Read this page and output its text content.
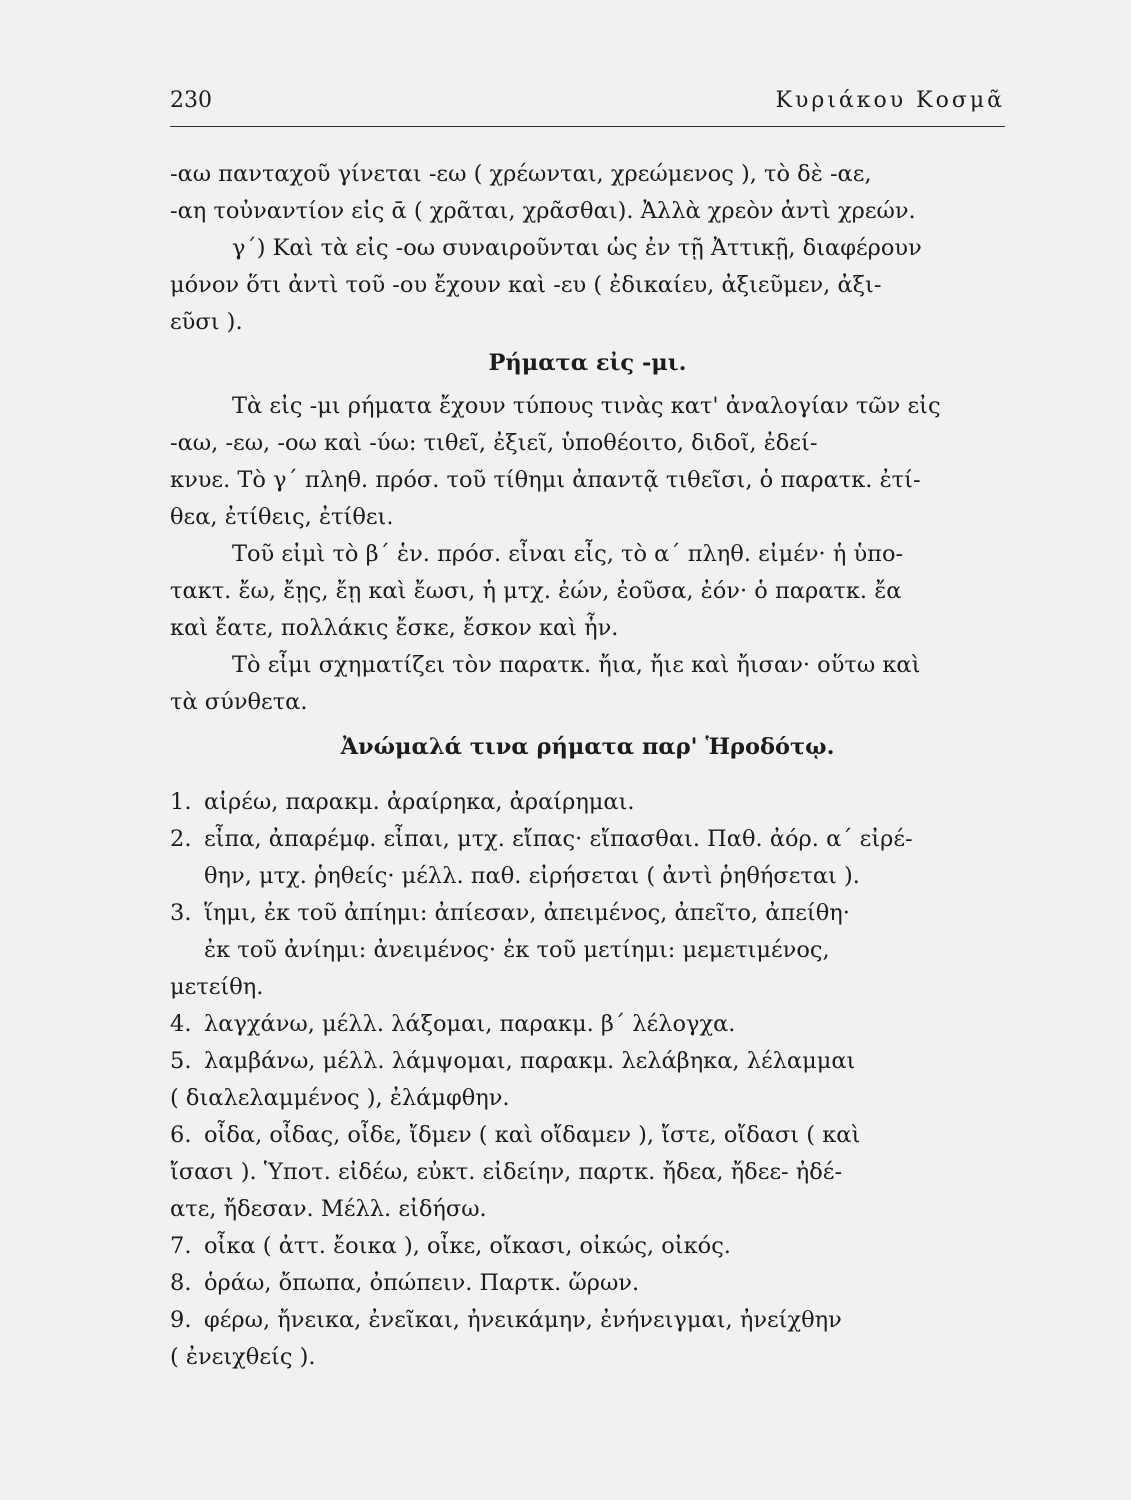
230	Κυριάκου Κοσμᾶ

-αω πανταχοῦ γίνεται -εω ( χρέωνται, χρεώμενος ), τὸ δὲ -αε,
-αη τοὐναντίον εἰς ᾱ ( χρᾶται, χρᾶσθαι). Ἀλλὰ χρεὸν ἀντὶ χρεών.

γ΄) Καὶ τὰ εἰς -οω συναιροῦνται ὡς ἐν τῇ Ἀττικῇ, διαφέρουν
μόνον ὅτι ἀντὶ τοῦ -ου ἔχουν καὶ -ευ ( ἐδικαίευ, ἀξιεῦμεν, ἀξι-
εῦσι ).

Ρήματα εἰς -μι.

Τὰ εἰς -μι ρήματα ἔχουν τύπους τινὰς κατ' ἀναλογίαν τῶν εἰς
-αω, -εω, -οω καὶ -ύω: τιθεῖ, ἐξιεῖ, ὑποθέοιτο, διδοῖ, ἐδεί-
κνυε. Τὸ γ΄ πληθ. πρόσ. τοῦ τίθημι ἀπαντᾷ τιθεῖσι, ὁ παρατκ. ἐτί-
θεα, ἐτίθεις, ἐτίθει.

Τοῦ εἰμὶ τὸ β΄ ἑν. πρόσ. εἶναι εἶς, τὸ α΄ πληθ. εἰμέν· ἡ ὑπο-
τακτ. ἔω, ἔῃς, ἔῃ καὶ ἔωσι, ἡ μτχ. ἐών, ἐοῦσα, ἐόν· ὁ παρατκ. ἔα
καὶ ἔατε, πολλάκις ἔσκε, ἔσκον καὶ ἦν.

Τὸ εἶμι σχηματίζει τὸν παρατκ. ἤια, ἤιε καὶ ἤισαν· οὕτω καὶ
τὰ σύνθετα.

Ἀνώμαλά τινα ρήματα παρ' Ἡροδότῳ.

1. αἱρέω, παρακμ. ἀραίρηκα, ἀραίρημαι.
2. εἶπα, ἀπαρέμφ. εἶπαι, μτχ. εἴπας· εἴπασθαι. Παθ. ἀόρ. α΄ εἰρέ-
θην, μτχ. ῥηθείς· μέλλ. παθ. εἰρήσεται ( ἀντὶ ῥηθήσεται ).
3. ἵημι, ἐκ τοῦ ἀπίημι: ἀπίεσαν, ἀπειμένος, ἀπεῖτο, ἀπείθη·
ἐκ τοῦ ἀνίημι: ἀνειμένος· ἐκ τοῦ μετίημι: μεμετιμένος,
μετείθη.
4. λαγχάνω, μέλλ. λάξομαι, παρακμ. β΄ λέλογχα.
5. λαμβάνω, μέλλ. λάμψομαι, παρακμ. λελάβηκα, λέλαμμαι
( διαλελαμμένος ), ἐλάμφθην.
6. οἶδα, οἶδας, οἶδε, ἴδμεν ( καὶ οἴδαμεν ), ἴστε, οἴδασι ( καὶ
ἴσασι ). Ὑποτ. εἰδέω, εὐκτ. εἰδείην, παρτκ. ἤδεα, ἤδεε- ἠδέ-
ατε, ἤδεσαν. Μέλλ. εἰδήσω.
7. οἶκα ( ἀττ. ἔοικα ), οἶκε, οἴκασι, οἰκώς, οἰκός.
8. ὁράω, ὄπωπα, ὀπώπειν. Παρτκ. ὥρων.
9. φέρω, ἤνεικα, ἐνεῖκαι, ἠνεικάμην, ἐνήνειγμαι, ἠνείχθην
( ἐνειχθείς ).
